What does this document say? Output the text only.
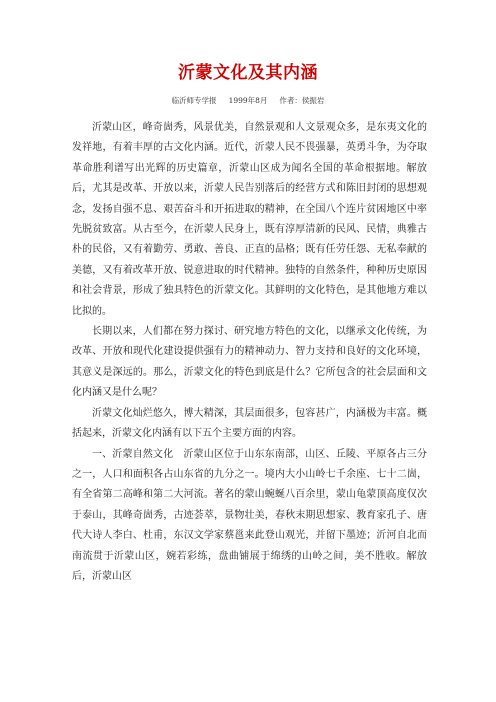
沂蒙文化及其内涵
临沂师专学报 1999年8月 作者：侯振岩

沂蒙山区，峰奇崮秀，风景优美，自然景观和人文景观众多，是东夷文化的发祥地，有着丰厚的古文化内涵。近代，沂蒙人民不畏强暴，英勇斗争，为夺取革命胜利谱写出光辉的历史篇章，沂蒙山区成为闻名全国的革命根据地。解放后，尤其是改革、开放以来，沂蒙人民告别落后的经营方式和陈旧封闭的思想观念，发扬自强不息、艰苦奋斗和开拓进取的精神，在全国八个连片贫困地区中率先脱贫致富。从古至今，在沂蒙人民身上，既有淳厚清新的民风、民情，典雅古朴的民俗，又有着勤劳、勇敢、善良、正直的品格；既有任劳任怨、无私奉献的美德，又有着改革开放、锐意进取的时代精神。独特的自然条件，种种历史原因和社会背景，形成了独具特色的沂蒙文化。其鲜明的文化特色，是其他地方难以比拟的。

长期以来，人们都在努力探讨、研究地方特色的文化，以继承文化传统，为改革、开放和现代化建设提供强有力的精神动力、智力支持和良好的文化环境，其意义是深远的。那么，沂蒙文化的特色到底是什么？它所包含的社会层面和文化内涵又是什么呢？

沂蒙文化灿烂悠久，博大精深，其层面很多，包容甚广，内涵极为丰富。概括起来，沂蒙文化内涵有以下五个主要方面的内容。

一、沂蒙自然文化　沂蒙山区位于山东东南部，山区、丘陵、平原各占三分之一，人口和面积各占山东省的九分之一。境内大小山岭七千余座、七十二崮，有全省第二高峰和第二大河流。著名的蒙山蜿蜒八百余里，蒙山龟蒙顶高度仅次于泰山，其峰奇崮秀，古迹荟萃，景物壮美，春秋末期思想家、教育家孔子、唐代大诗人李白、杜甫，东汉文学家蔡邕来此登山观光，并留下墨迹；沂河自北而南流贯于沂蒙山区，婉若彩练，盘曲铺展于绵绣的山岭之间，美不胜收。解放后，沂蒙山区
